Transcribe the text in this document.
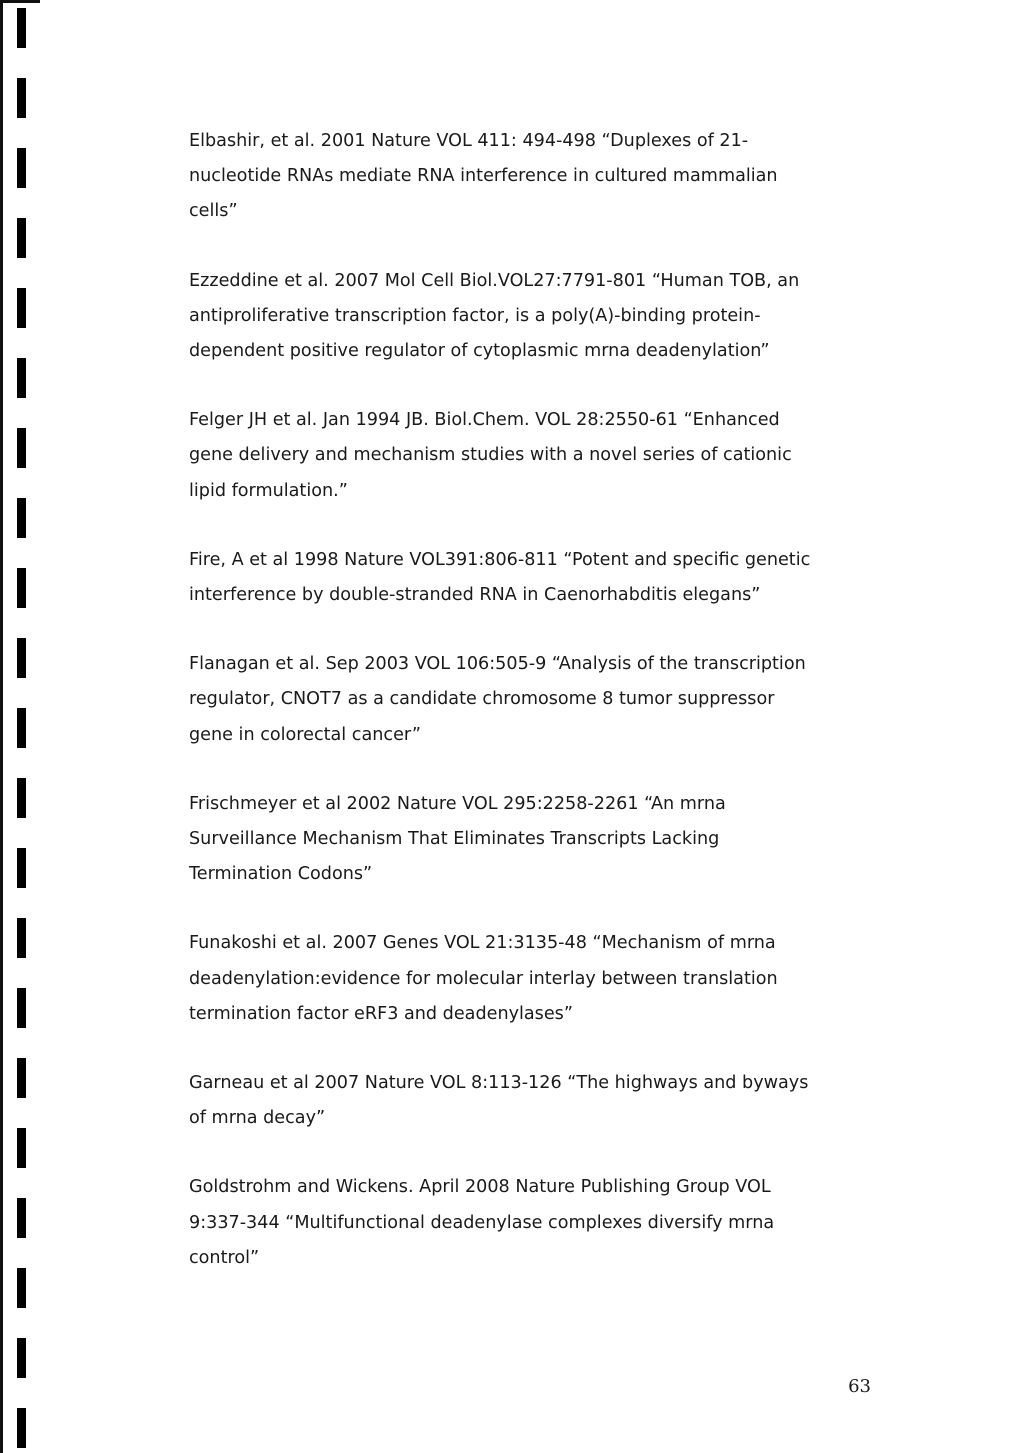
Elbashir, et al. 2001 Nature VOL 411: 494-498 “Duplexes of 21-
nucleotide RNAs mediate RNA interference in cultured mammalian
cells”
Ezzeddine et al. 2007 Mol Cell Biol.VOL27:7791-801 “Human TOB, an
antiproliferative transcription factor, is a poly(A)-binding protein-
dependent positive regulator of cytoplasmic mrna deadenylation”
Felger JH et al. Jan 1994 JB. Biol.Chem. VOL 28:2550-61 “Enhanced
gene delivery and mechanism studies with a novel series of cationic
lipid formulation.”
Fire, A et al 1998 Nature VOL391:806-811 “Potent and specific genetic
interference by double-stranded RNA in Caenorhabditis elegans”
Flanagan et al. Sep 2003 VOL 106:505-9 “Analysis of the transcription
regulator, CNOT7 as a candidate chromosome 8 tumor suppressor
gene in colorectal cancer”
Frischmeyer et al 2002 Nature VOL 295:2258-2261 “An mrna
Surveillance Mechanism That Eliminates Transcripts Lacking
Termination Codons”
Funakoshi et al. 2007 Genes VOL 21:3135-48 “Mechanism of mrna
deadenylation:evidence for molecular interlay between translation
termination factor eRF3 and deadenylases”
Garneau et al 2007 Nature VOL 8:113-126 “The highways and byways
of mrna decay”
Goldstrohm and Wickens. April 2008 Nature Publishing Group VOL
9:337-344 “Multifunctional deadenylase complexes diversify mrna
control”
63
